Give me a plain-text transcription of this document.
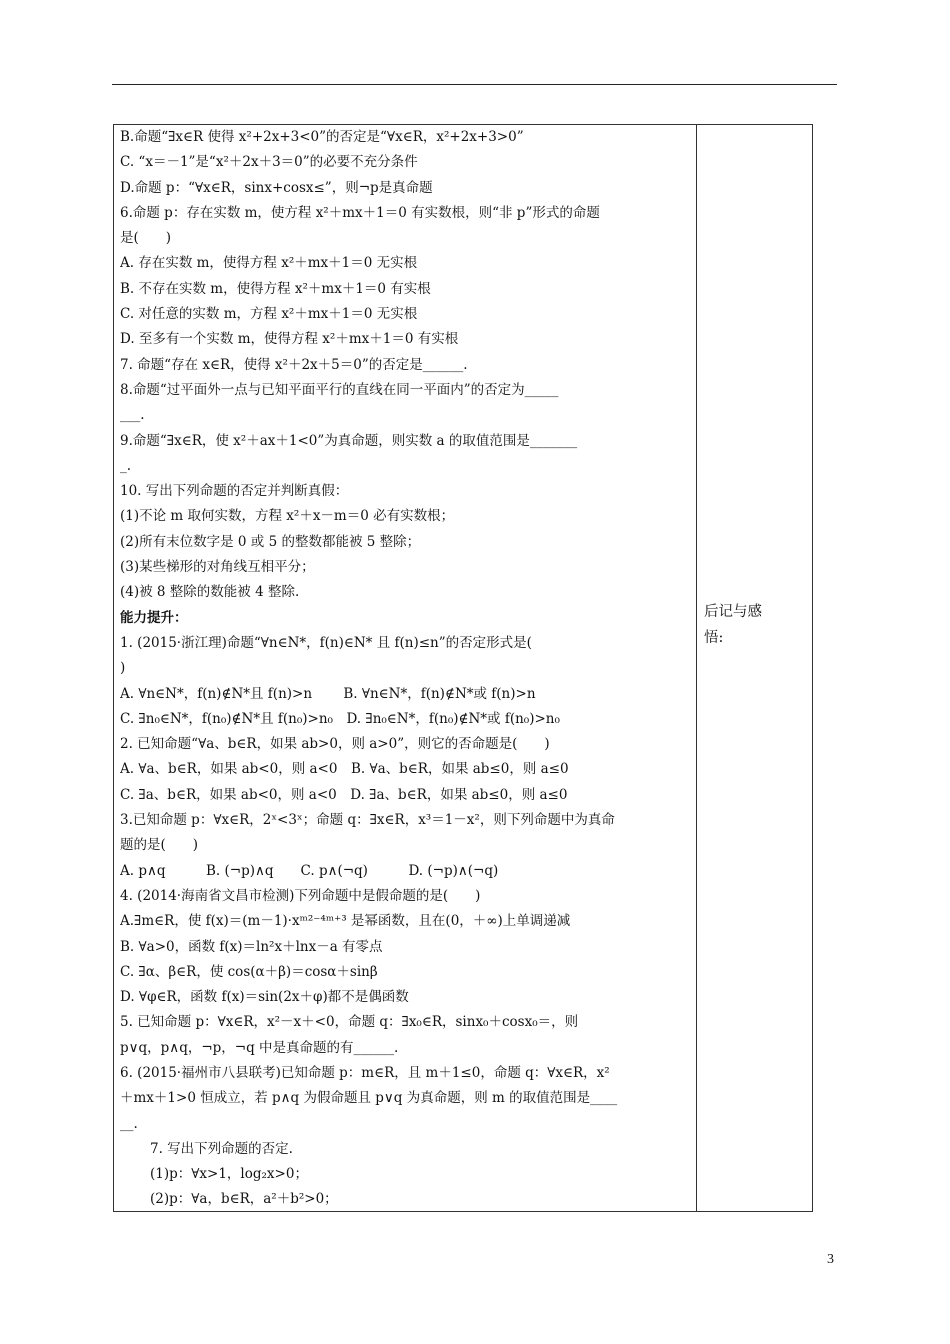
B.命题“∃x∈R 使得 x²+2x+3<0”的否定是“∀x∈R，x²+2x+3>0”
C. “x＝－1”是“x²＋2x＋3＝0”的必要不充分条件
D.命题 p：“∀x∈R，sinx+cosx≤”，则¬p是真命题
6.命题 p：存在实数 m，使方程 x²＋mx＋1＝0 有实数根，则“非 p”形式的命题
是(　　)
A. 存在实数 m，使得方程 x²＋mx＋1＝0 无实根
B. 不存在实数 m，使得方程 x²＋mx＋1＝0 有实根
C. 对任意的实数 m，方程 x²＋mx＋1＝0 无实根
D. 至多有一个实数 m，使得方程 x²＋mx＋1＝0 有实根
7. 命题“存在 x∈R，使得 x²＋2x＋5＝0”的否定是______.
8.命题“过平面外一点与已知平面平行的直线在同一平面内”的否定为_____
___.
9.命题“∃x∈R，使 x²＋ax＋1<0”为真命题，则实数 a 的取值范围是_______
_.
10. 写出下列命题的否定并判断真假：
(1)不论 m 取何实数，方程 x²＋x－m＝0 必有实数根；
(2)所有末位数字是 0 或 5 的整数都能被 5 整除；
(3)某些梯形的对角线互相平分；
(4)被 8 整除的数能被 4 整除.
能力提升：
1. (2015·浙江理)命题“∀n∈N*，f(n)∈N* 且 f(n)≤n”的否定形式是(
)
A. ∀n∈N*，f(n)∉N*且 f(n)>n　　 B. ∀n∈N*，f(n)∉N*或 f(n)>n
C. ∃n₀∈N*，f(n₀)∉N*且 f(n₀)>n₀　D. ∃n₀∈N*，f(n₀)∉N*或 f(n₀)>n₀
2. 已知命题“∀a、b∈R，如果 ab>0，则 a>0”，则它的否命题是(　　)
A. ∀a、b∈R，如果 ab<0，则 a<0　B. ∀a、b∈R，如果 ab≤0，则 a≤0
C. ∃a、b∈R，如果 ab<0，则 a<0　D. ∃a、b∈R，如果 ab≤0，则 a≤0
3.已知命题 p：∀x∈R，2ˣ<3ˣ；命题 q：∃x∈R，x³＝1－x²，则下列命题中为真命
题的是(　　)
A. p∧q　　　B. (¬p)∧q　　C. p∧(¬q)　　　D. (¬p)∧(¬q)
4. (2014·海南省文昌市检测)下列命题中是假命题的是(　　)
A.∃m∈R，使 f(x)＝(m－1)·xᵐ²⁻⁴ᵐ⁺³ 是幂函数，且在(0，＋∞)上单调递减
B. ∀a>0，函数 f(x)＝ln²x＋lnx－a 有零点
C. ∃α、β∈R，使 cos(α＋β)＝cosα＋sinβ
D. ∀φ∈R，函数 f(x)＝sin(2x＋φ)都不是偶函数
5. 已知命题 p：∀x∈R，x²－x＋<0，命题 q：∃x₀∈R，sinx₀＋cosx₀＝，则
p∨q，p∧q，¬p，¬q 中是真命题的有______.
6. (2015·福州市八县联考)已知命题 p：m∈R，且 m＋1≤0，命题 q：∀x∈R，x²
＋mx＋1>0 恒成立，若 p∧q 为假命题且 p∨q 为真命题，则 m 的取值范围是____
__.
7. 写出下列命题的否定.
(1)p：∀x>1，log₂x>0；
(2)p：∀a，b∈R，a²＋b²>0；
后记与感
悟:
3
